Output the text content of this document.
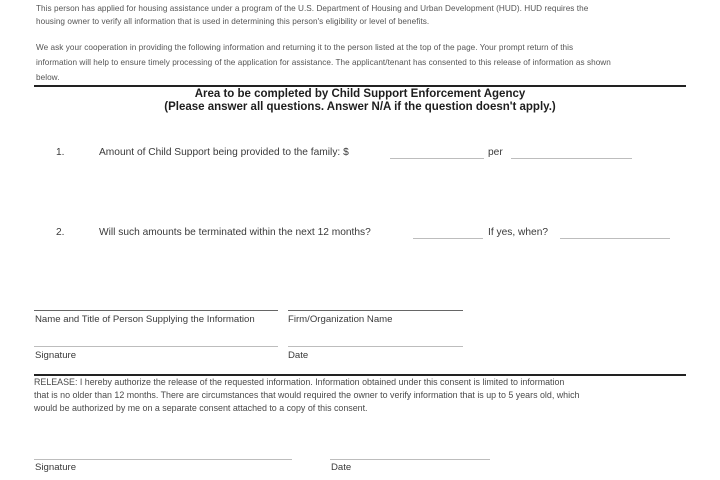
This person has applied for housing assistance under a program of the U.S. Department of Housing and Urban Development (HUD). HUD requires the
housing owner to verify all information that is used in determining this person's eligibility or level of benefits.
We ask your cooperation in providing the following information and returning it to the person listed at the top of the page. Your prompt return of this
information will help to ensure timely processing of the application for assistance. The applicant/tenant has consented to this release of information as shown
below.
Area to be completed by Child Support Enforcement Agency
(Please answer all questions. Answer N/A if the question doesn't apply.)
1.	Amount of Child Support being provided to the family: $	per
2.	Will such amounts be terminated within the next 12 months?	If yes, when?
Name and Title of Person Supplying the Information	Firm/Organization Name
Signature	Date
RELEASE: I hereby authorize the release of the requested information. Information obtained under this consent is limited to information
that is no older than 12 months. There are circumstances that would required the owner to verify information that is up to 5 years old, which
would be authorized by me on a separate consent attached to a copy of this consent.
Signature	Date
